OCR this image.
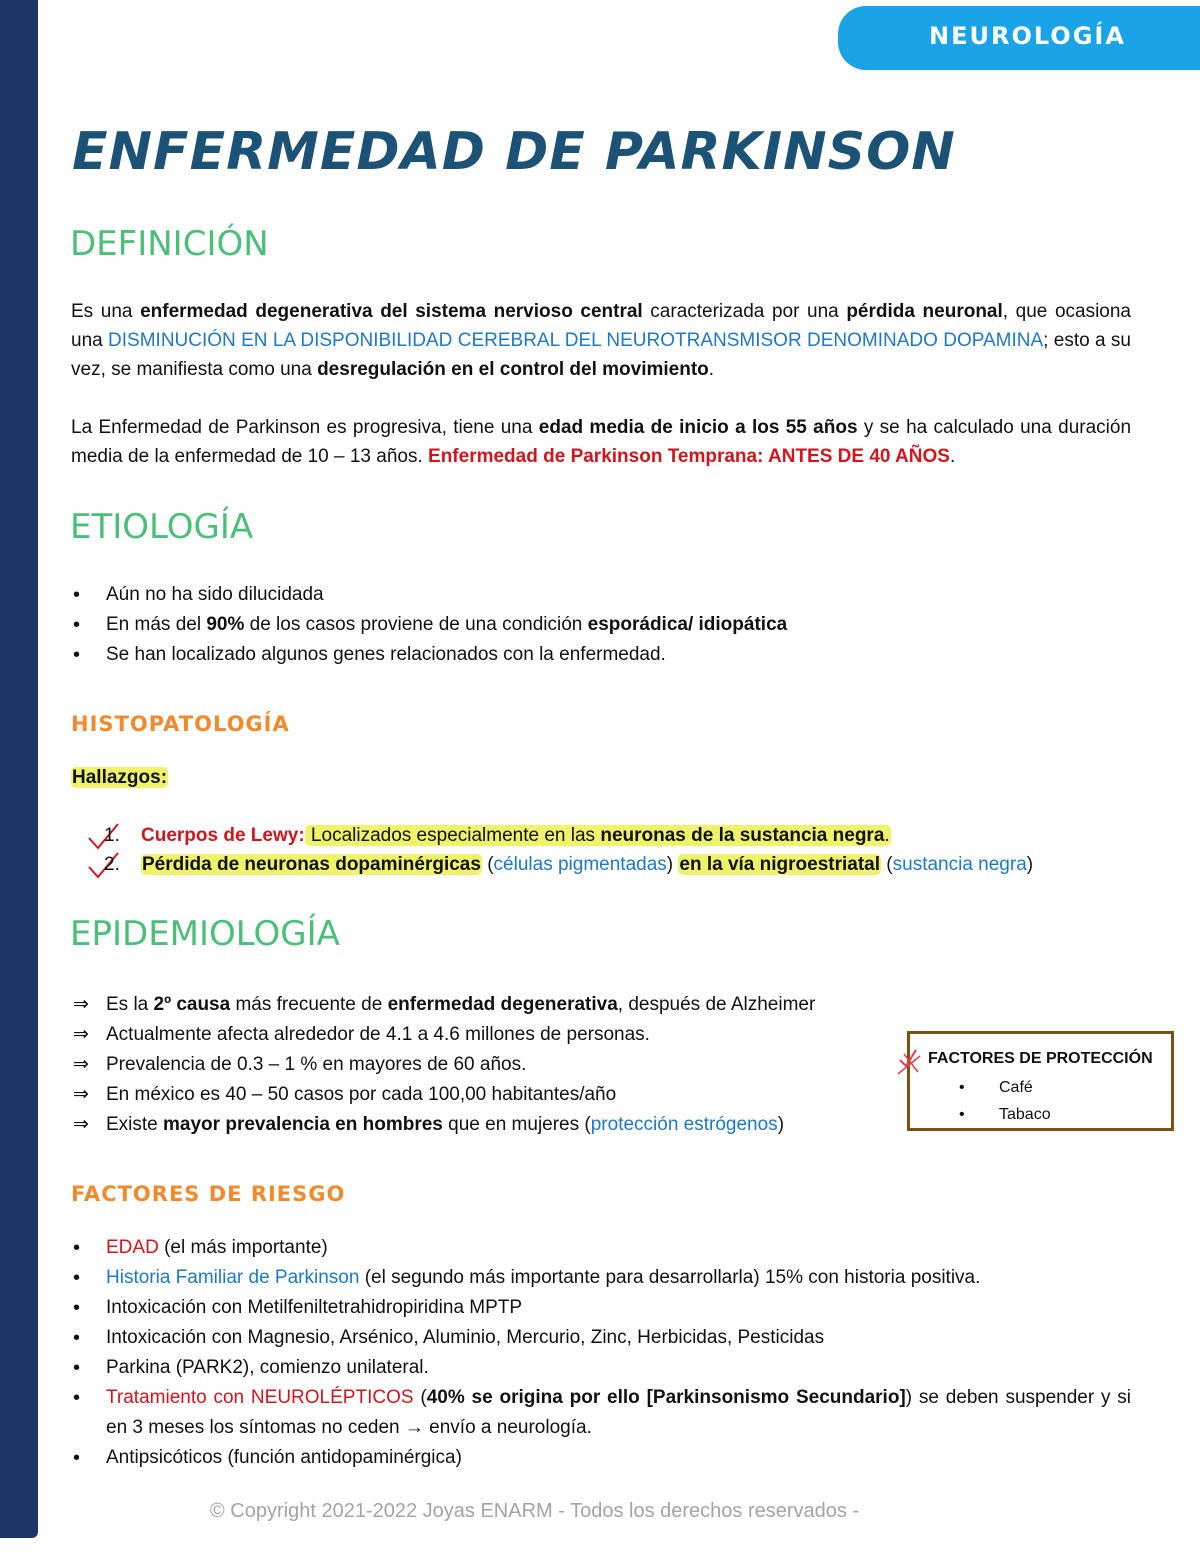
J
O
Y
A
S
E
N
A
R
M
NEUROLOGÍA
ENFERMEDAD DE PARKINSON
DEFINICIÓN
Es una enfermedad degenerativa del sistema nervioso central caracterizada por una pérdida neuronal, que ocasiona una DISMINUCIÓN EN LA DISPONIBILIDAD CEREBRAL DEL NEUROTRANSMISOR DENOMINADO DOPAMINA; esto a su vez, se manifiesta como una desregulación en el control del movimiento.
La Enfermedad de Parkinson es progresiva, tiene una edad media de inicio a los 55 años y se ha calculado una duración media de la enfermedad de 10 – 13 años. Enfermedad de Parkinson Temprana: ANTES DE 40 AÑOS.
ETIOLOGÍA
• Aún no ha sido dilucidada
• En más del 90% de los casos proviene de una condición esporádica/ idiopática
• Se han localizado algunos genes relacionados con la enfermedad.
HISTOPATOLOGÍA
Hallazgos:
1. Cuerpos de Lewy: Localizados especialmente en las neuronas de la sustancia negra.
2. Pérdida de neuronas dopaminérgicas (células pigmentadas) en la vía nigroestriatal (sustancia negra)
EPIDEMIOLOGÍA
⇒ Es la 2º causa más frecuente de enfermedad degenerativa, después de Alzheimer
⇒ Actualmente afecta alrededor de 4.1 a 4.6 millones de personas.
⇒ Prevalencia de 0.3 – 1 % en mayores de 60 años.
⇒ En méxico es 40 – 50 casos por cada 100,00 habitantes/año
⇒ Existe mayor prevalencia en hombres que en mujeres (protección estrógenos)
FACTORES DE PROTECCIÓN
• Café
• Tabaco
FACTORES DE RIESGO
• EDAD (el más importante)
• Historia Familiar de Parkinson (el segundo más importante para desarrollarla) 15% con historia positiva.
• Intoxicación con Metilfeniltetrahidropiridina MPTP
• Intoxicación con Magnesio, Arsénico, Aluminio, Mercurio, Zinc, Herbicidas, Pesticidas
• Parkina (PARK2), comienzo unilateral.
• Tratamiento con NEUROLÉPTICOS (40% se origina por ello [Parkinsonismo Secundario]) se deben suspender y si en 3 meses los síntomas no ceden → envío a neurología.
• Antipsicóticos (función antidopaminérgica)
© Copyright 2021-2022 Joyas ENARM - Todos los derechos reservados -
